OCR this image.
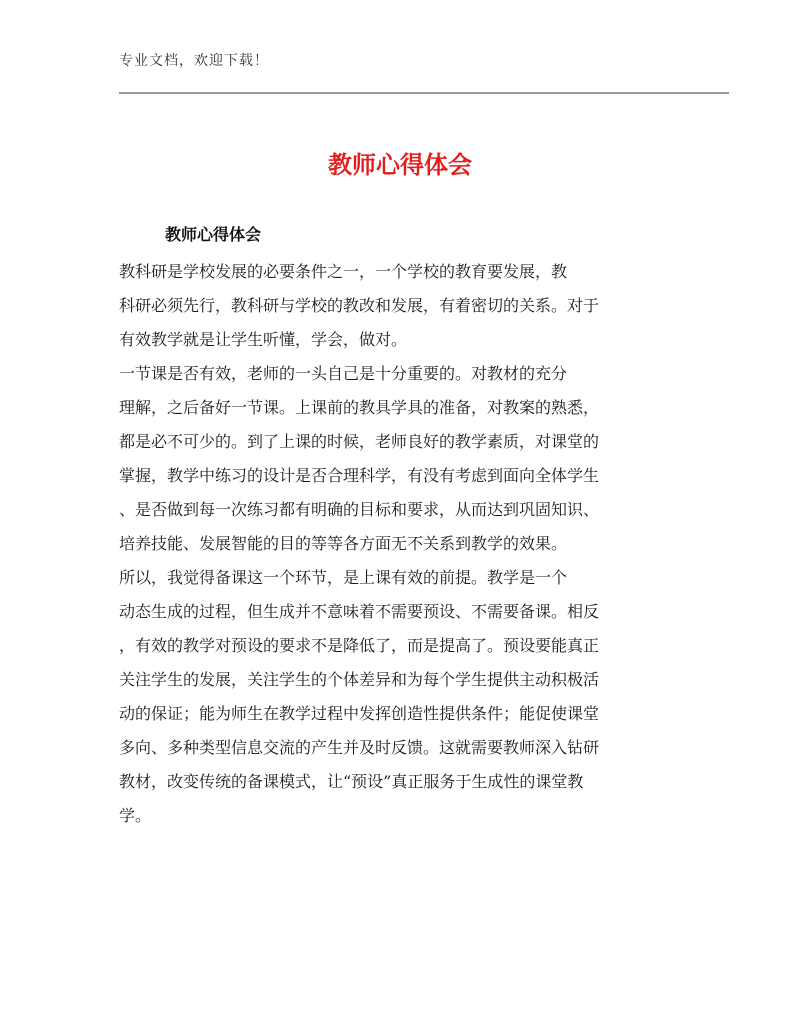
专业文档，欢迎下载！
教师心得体会
教师心得体会
教科研是学校发展的必要条件之一，一个学校的教育要发展，教
科研必须先行，教科研与学校的教改和发展，有着密切的关系。对于
有效教学就是让学生听懂，学会，做对。
一节课是否有效，老师的一头自己是十分重要的。对教材的充分
理解，之后备好一节课。上课前的教具学具的准备，对教案的熟悉，
都是必不可少的。到了上课的时候，老师良好的教学素质，对课堂的
掌握，教学中练习的设计是否合理科学，有没有考虑到面向全体学生
、是否做到每一次练习都有明确的目标和要求，从而达到巩固知识、
培养技能、发展智能的目的等等各方面无不关系到教学的效果。
所以，我觉得备课这一个环节，是上课有效的前提。教学是一个
动态生成的过程，但生成并不意味着不需要预设、不需要备课。相反
，有效的教学对预设的要求不是降低了，而是提高了。预设要能真正
关注学生的发展，关注学生的个体差异和为每个学生提供主动积极活
动的保证；能为师生在教学过程中发挥创造性提供条件；能促使课堂
多向、多种类型信息交流的产生并及时反馈。这就需要教师深入钻研
教材，改变传统的备课模式，让“预设”真正服务于生成性的课堂教
学。
